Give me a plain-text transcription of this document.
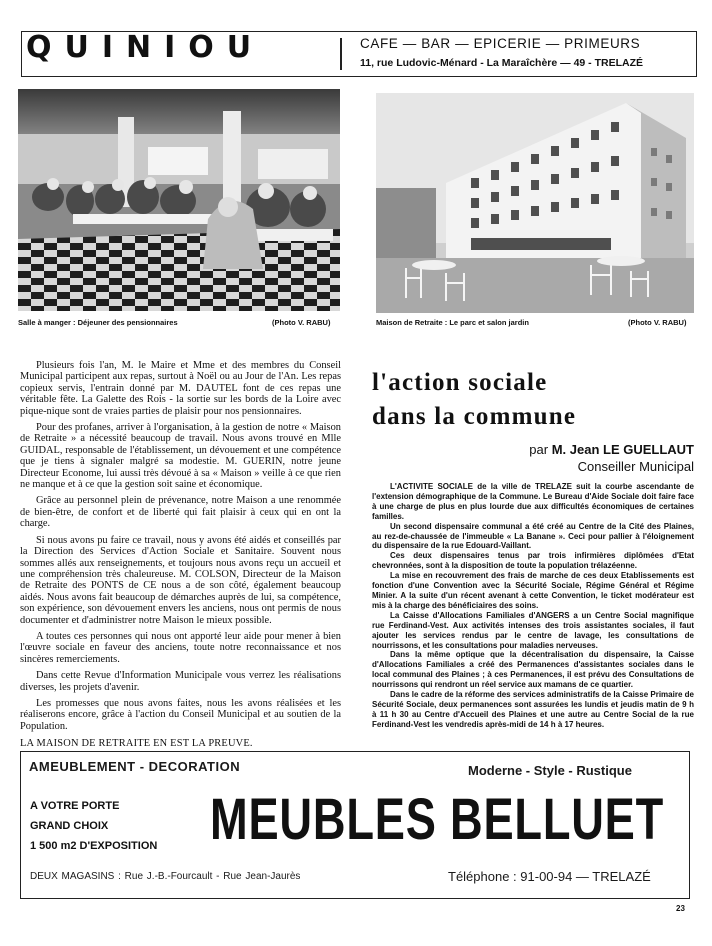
QUINIOU	CAFE — BAR — EPICERIE — PRIMEURS
11, rue Ludovic-Ménard - La Maraîchère — 49 - TRELAZÉ
Salle à manger : Déjeuner des pensionnaires	(Photo V. RABU)	Maison de Retraite : Le parc et salon jardin	(Photo V. RABU)

Plusieurs fois l'an, M. le Maire et Mme et des membres du Conseil Municipal participent aux repas, surtout à Noël ou au Jour de l'An. Les repas copieux servis, l'entrain donné par M. DAUTEL font de ces repas une véritable fête. La Galette des Rois - la sortie sur les bords de la Loire avec pique-nique sont de vraies parties de plaisir pour nos pensionnaires.

Pour des profanes, arriver à l'organisation, à la gestion de notre « Maison de Retraite » a nécessité beaucoup de travail. Nous avons trouvé en Mlle GUIDAL, responsable de l'établissement, un dévouement et une compétence que je tiens à signaler malgré sa modestie. M. GUERIN, notre jeune Directeur Econome, lui aussi très dévoué à sa « Maison » veille à ce que rien ne manque et à ce que la gestion soit saine et économique.

Grâce au personnel plein de prévenance, notre Maison a une renommée de bien-être, de confort et de liberté qui fait plaisir à ceux qui en ont la charge.

Si nous avons pu faire ce travail, nous y avons été aidés et conseillés par la Direction des Services d'Action Sociale et Sanitaire. Souvent nous sommes allés aux renseignements, et toujours nous avons reçu un accueil et une compréhension très chaleureuse. M. COLSON, Directeur de la Maison de Retraite des PONTS de CE nous a de son côté, également beaucoup aidés. Nous avons fait beaucoup de démarches auprès de lui, sa compétence, son expérience, son dévouement envers les anciens, nous ont permis de nous documenter et d'administrer notre Maison le mieux possible.

A toutes ces personnes qui nous ont apporté leur aide pour mener à bien l'œuvre sociale en faveur des anciens, toute notre reconnaissance et nos sincères remerciements.

Dans cette Revue d'Information Municipale vous verrez les réalisations diverses, les projets d'avenir.

Les promesses que nous avons faites, nous les avons réalisées et les réaliserons encore, grâce à l'action du Conseil Municipal et au soutien de la Population.

LA MAISON DE RETRAITE EN EST LA PREUVE.

l'action sociale
dans la commune
par M. Jean LE GUELLAUT
Conseiller Municipal

L'ACTIVITE SOCIALE de la ville de TRELAZE suit la courbe ascendante de l'extension démographique de la Commune. Le Bureau d'Aide Sociale doit faire face à une charge de plus en plus lourde due aux difficultés économiques de certaines familles.

Un second dispensaire communal a été créé au Centre de la Cité des Plaines, au rez-de-chaussée de l'immeuble « La Banane ». Ceci pour pallier à l'éloignement du dispensaire de la rue Edouard-Vaillant.

Ces deux dispensaires tenus par trois infirmières diplômées d'Etat chevronnées, sont à la disposition de toute la population trélazéenne.

La mise en recouvrement des frais de marche de ces deux Etablissements est fonction d'une Convention avec la Sécurité Sociale, Régime Général et Régime Minier. A la suite d'un récent avenant à cette Convention, le ticket modérateur est mis à la charge des bénéficiaires des soins.

La Caisse d'Allocations Familiales d'ANGERS a un Centre Social magnifique rue Ferdinand-Vest. Aux activités intenses des trois assistantes sociales, il faut ajouter les services rendus par le centre de lavage, les consultations de nourrissons, et les consultations pour maladies nerveuses.

Dans la même optique que la décentralisation du dispensaire, la Caisse d'Allocations Familiales a créé des Permanences d'assistantes sociales dans le local communal des Plaines ; à ces Permanences, il est prévu des Consultations de nourrissons qui rendront un réel service aux mamans de ce quartier.

Dans le cadre de la réforme des services administratifs de la Caisse Primaire de Sécurité Sociale, deux permanences sont assurées les lundis et jeudis matin de 9 h à 11 h 30 au Centre d'Accueil des Plaines et une autre au Centre Social de la rue Ferdinand-Vest les vendredis après-midi de 14 h à 17 heures.

AMEUBLEMENT - DECORATION	Moderne - Style - Rustique
A VOTRE PORTE
GRAND CHOIX
1 500 m2 D'EXPOSITION MEUBLES BELLUET
DEUX MAGASINS : Rue J.-B.-Fourcault - Rue Jean-Jaurès	Téléphone : 91-00-94 — TRELAZÉ
23
